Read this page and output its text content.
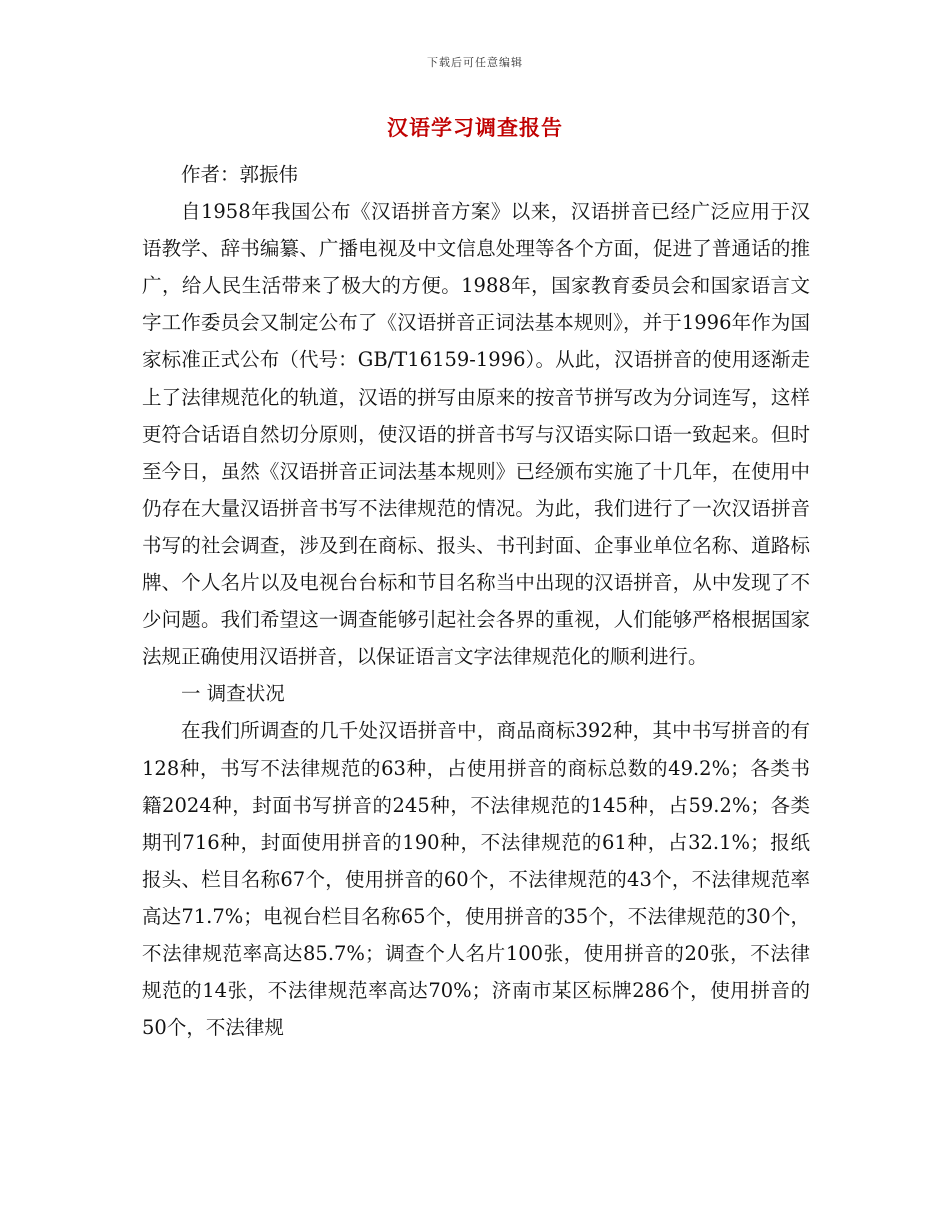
下载后可任意编辑
汉语学习调查报告

作者：郭振伟

自1958年我国公布《汉语拼音方案》以来，汉语拼音已经广泛应用于汉语教学、辞书编纂、广播电视及中文信息处理等各个方面，促进了普通话的推广，给人民生活带来了极大的方便。1988年，国家教育委员会和国家语言文字工作委员会又制定公布了《汉语拼音正词法基本规则》，并于1996年作为国家标准正式公布（代号：GB/T16159-1996）。从此，汉语拼音的使用逐渐走上了法律规范化的轨道，汉语的拼写由原来的按音节拼写改为分词连写，这样更符合话语自然切分原则，使汉语的拼音书写与汉语实际口语一致起来。但时至今日，虽然《汉语拼音正词法基本规则》已经颁布实施了十几年，在使用中仍存在大量汉语拼音书写不法律规范的情况。为此，我们进行了一次汉语拼音书写的社会调查，涉及到在商标、报头、书刊封面、企事业单位名称、道路标牌、个人名片以及电视台台标和节目名称当中出现的汉语拼音，从中发现了不少问题。我们希望这一调查能够引起社会各界的重视，人们能够严格根据国家法规正确使用汉语拼音，以保证语言文字法律规范化的顺利进行。

一 调查状况

在我们所调查的几千处汉语拼音中，商品商标392种，其中书写拼音的有128种，书写不法律规范的63种，占使用拼音的商标总数的49.2%；各类书籍2024种，封面书写拼音的245种，不法律规范的145种，占59.2%；各类期刊716种，封面使用拼音的190种，不法律规范的61种，占32.1%；报纸报头、栏目名称67个，使用拼音的60个，不法律规范的43个，不法律规范率高达71.7%；电视台栏目名称65个，使用拼音的35个，不法律规范的30个，不法律规范率高达85.7%；调查个人名片100张，使用拼音的20张，不法律规范的14张，不法律规范率高达70%；济南市某区标牌286个，使用拼音的50个，不法律规
